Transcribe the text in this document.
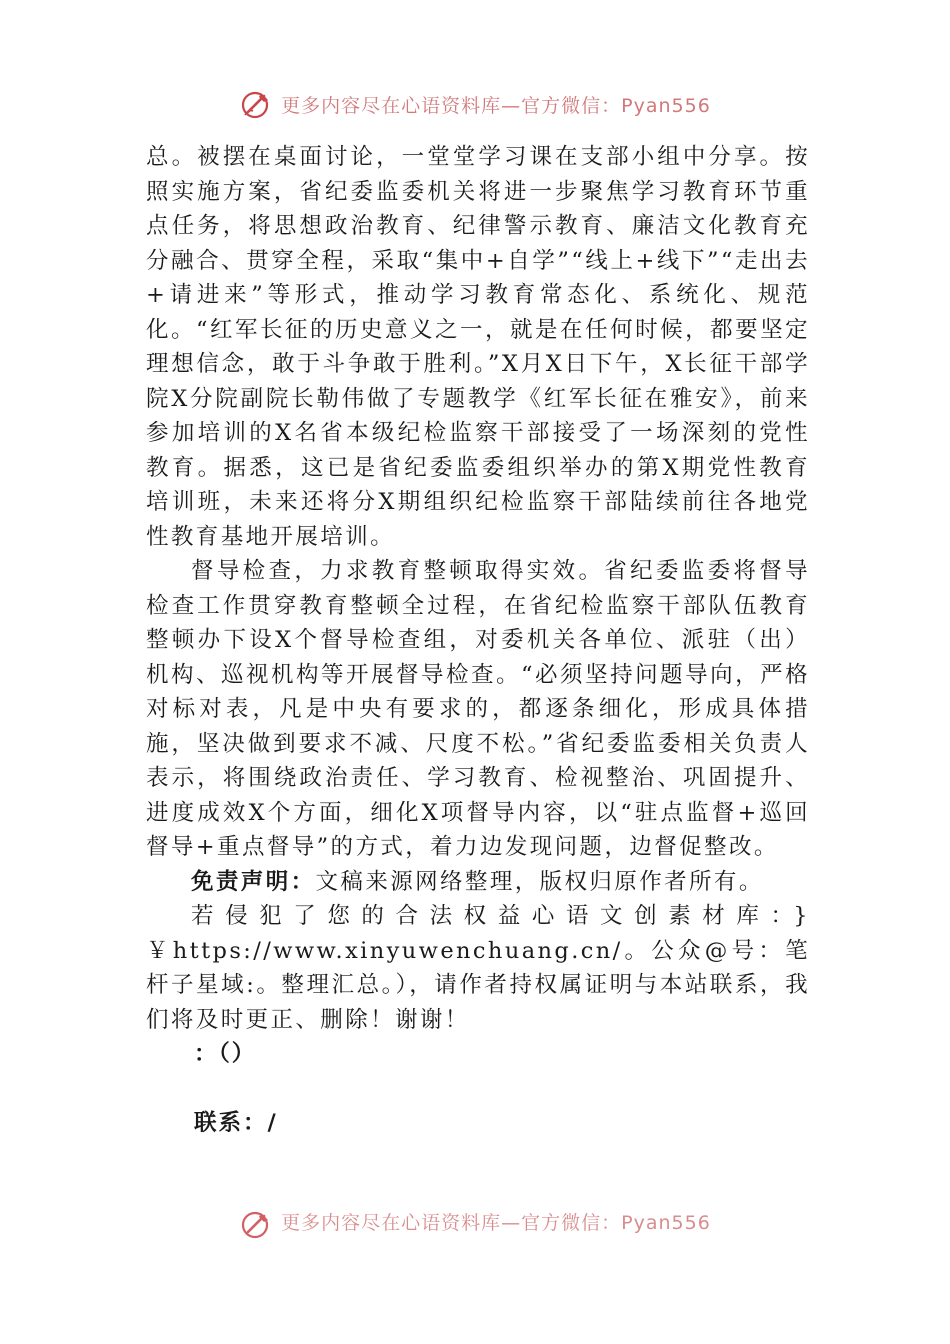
更多内容尽在心语资料库—官方微信：Pyan556

总。被摆在桌面讨论，一堂堂学习课在支部小组中分享。按照实施方案，省纪委监委机关将进一步聚焦学习教育环节重点任务，将思想政治教育、纪律警示教育、廉洁文化教育充分融合、贯穿全程，采取“集中+自学”“线上+线下”“走出去+请进来”等形式，推动学习教育常态化、系统化、规范化。“红军长征的历史意义之一，就是在任何时候，都要坚定理想信念，敢于斗争敢于胜利。”X月X日下午，X长征干部学院X分院副院长勒伟做了专题教学《红军长征在雅安》，前来参加培训的X名省本级纪检监察干部接受了一场深刻的党性教育。据悉，这已是省纪委监委组织举办的第X期党性教育培训班，未来还将分X期组织纪检监察干部陆续前往各地党性教育基地开展培训。

督导检查，力求教育整顿取得实效。省纪委监委将督导检查工作贯穿教育整顿全过程，在省纪检监察干部队伍教育整顿办下设X个督导检查组，对委机关各单位、派驻（出）机构、巡视机构等开展督导检查。“必须坚持问题导向，严格对标对表，凡是中央有要求的，都逐条细化，形成具体措施，坚决做到要求不减、尺度不松。”省纪委监委相关负责人表示，将围绕政治责任、学习教育、检视整治、巩固提升、进度成效X个方面，细化X项督导内容，以“驻点监督+巡回督导+重点督导”的方式，着力边发现问题，边督促整改。

免责声明：文稿来源网络整理，版权归原作者所有。

若侵犯了您的合法权益心语文创素材库：}￥https://www.xinyuwenchuang.cn/。公众@号：笔杆子星域:。整理汇总。），请作者持权属证明与本站联系，我们将及时更正、删除！谢谢！

：（）

联系：/

更多内容尽在心语资料库—官方微信：Pyan556
